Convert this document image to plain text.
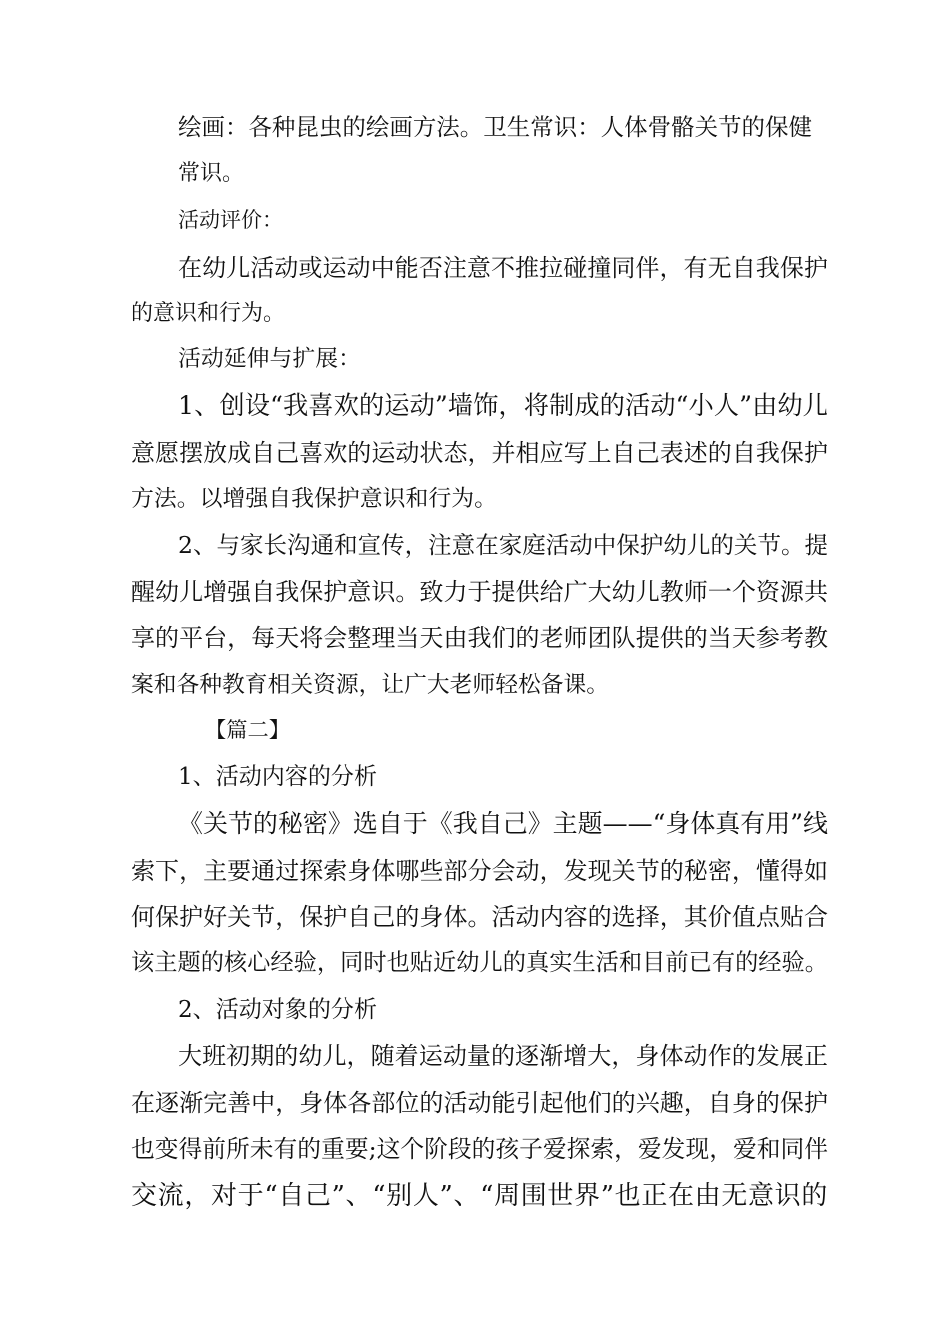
绘画：各种昆虫的绘画方法。卫生常识：人体骨骼关节的保健
常识。
活动评价：
在幼儿活动或运动中能否注意不推拉碰撞同伴，有无自我保护
的意识和行为。
活动延伸与扩展：
1、创设“我喜欢的运动”墙饰，将制成的活动“小人”由幼儿
意愿摆放成自己喜欢的运动状态，并相应写上自己表述的自我保护
方法。以增强自我保护意识和行为。
2、与家长沟通和宣传，注意在家庭活动中保护幼儿的关节。提
醒幼儿增强自我保护意识。致力于提供给广大幼儿教师一个资源共
享的平台，每天将会整理当天由我们的老师团队提供的当天参考教
案和各种教育相关资源，让广大老师轻松备课。
【篇二】
1、活动内容的分析
《关节的秘密》选自于《我自己》主题——“身体真有用”线
索下，主要通过探索身体哪些部分会动，发现关节的秘密，懂得如
何保护好关节，保护自己的身体。活动内容的选择，其价值点贴合
该主题的核心经验，同时也贴近幼儿的真实生活和目前已有的经验。
2、活动对象的分析
大班初期的幼儿，随着运动量的逐渐增大，身体动作的发展正
在逐渐完善中，身体各部位的活动能引起他们的兴趣，自身的保护
也变得前所未有的重要;这个阶段的孩子爱探索，爱发现，爱和同伴
交流，对于“自己”、“别人”、“周围世界”也正在由无意识的
